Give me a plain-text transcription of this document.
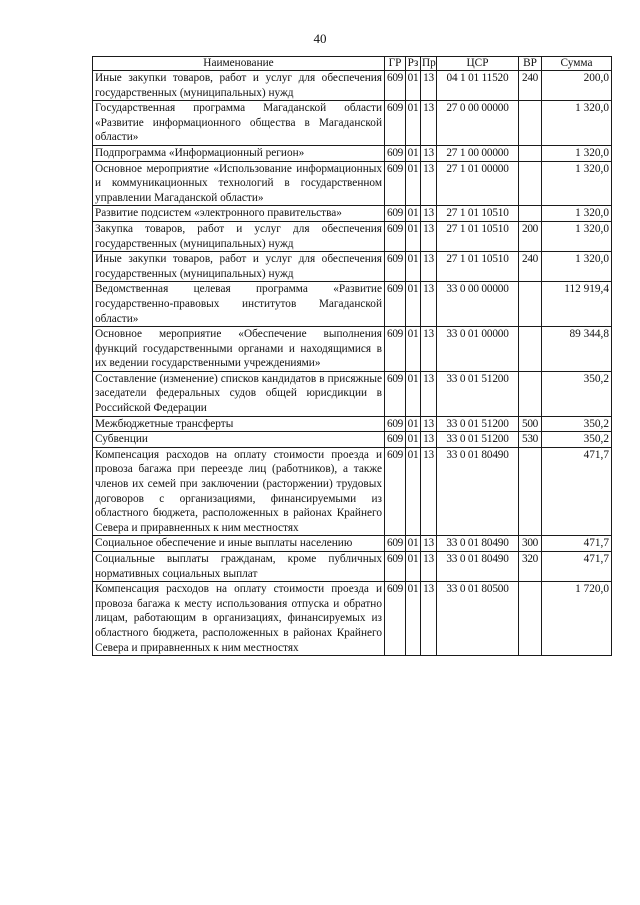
40
Наименование	ГР	Рз	Пр	ЦСР	ВР	Сумма
Иные закупки товаров, работ и услуг для обеспечения государственных (муниципальных) нужд	609	01	13	04 1 01 11520	240	200,0
Государственная программа Магаданской области «Развитие информационного общества в Магаданской области»	609	01	13	27 0 00 00000		1 320,0
Подпрограмма «Информационный регион»	609	01	13	27 1 00 00000		1 320,0
Основное мероприятие «Использование информационных и коммуникационных технологий в государственном управлении Магаданской области»	609	01	13	27 1 01 00000		1 320,0
Развитие подсистем «электронного правительства»	609	01	13	27 1 01 10510		1 320,0
Закупка товаров, работ и услуг для обеспечения государственных (муниципальных) нужд	609	01	13	27 1 01 10510	200	1 320,0
Иные закупки товаров, работ и услуг для обеспечения государственных (муниципальных) нужд	609	01	13	27 1 01 10510	240	1 320,0
Ведомственная целевая программа «Развитие государственно-правовых институтов Магаданской области»	609	01	13	33 0 00 00000		112 919,4
Основное мероприятие «Обеспечение выполнения функций государственными органами и находящимися в их ведении государственными учреждениями»	609	01	13	33 0 01 00000		89 344,8
Составление (изменение) списков кандидатов в присяжные заседатели федеральных судов общей юрисдикции в Российской Федерации	609	01	13	33 0 01 51200		350,2
Межбюджетные трансферты	609	01	13	33 0 01 51200	500	350,2
Субвенции	609	01	13	33 0 01 51200	530	350,2
Компенсация расходов на оплату стоимости проезда и провоза багажа при переезде лиц (работников), а также членов их семей при заключении (расторжении) трудовых договоров с организациями, финансируемыми из областного бюджета, расположенных в районах Крайнего Севера и приравненных к ним местностях	609	01	13	33 0 01 80490		471,7
Социальное обеспечение и иные выплаты населению	609	01	13	33 0 01 80490	300	471,7
Социальные выплаты гражданам, кроме публичных нормативных социальных выплат	609	01	13	33 0 01 80490	320	471,7
Компенсация расходов на оплату стоимости проезда и провоза багажа к месту использования отпуска и обратно лицам, работающим в организациях, финансируемых из областного бюджета, расположенных в районах Крайнего Севера и приравненных к ним местностях	609	01	13	33 0 01 80500		1 720,0
